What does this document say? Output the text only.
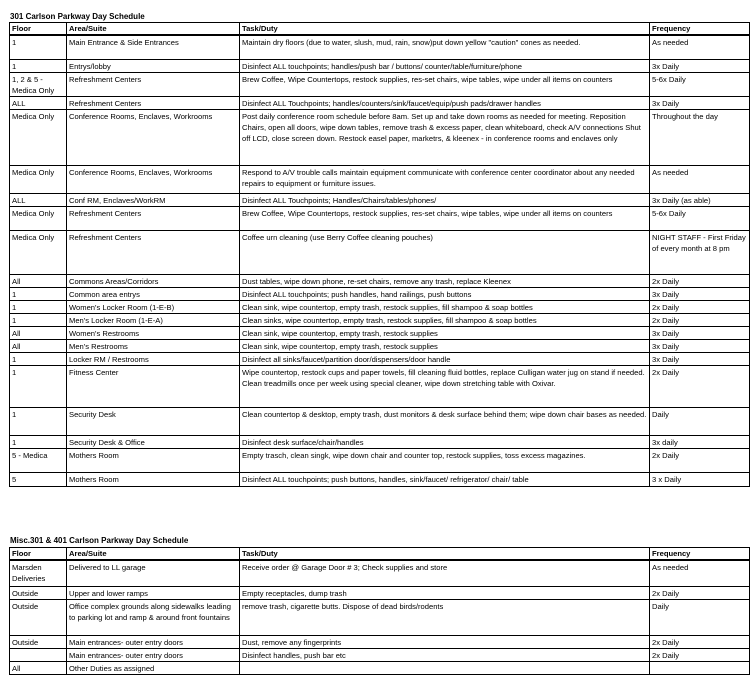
301 Carlson Parkway Day Schedule
Floor	Area/Suite	Task/Duty	Frequency
1	Main Entrance & Side Entrances	Maintain dry floors (due to water, slush, mud, rain, snow)put down yellow "caution" cones as needed.	As needed
1	Entrys/lobby	Disinfect ALL touchpoints; handles/push bar / buttons/ counter/table/furniture/phone	3x Daily
1, 2 & 5 - Medica Only	Refreshment Centers	Brew Coffee, Wipe Countertops, restock supplies, res-set chairs, wipe tables, wipe under all items on counters	5-6x Daily
ALL	Refreshment Centers	Disinfect ALL Touchpoints; handles/counters/sink/faucet/equip/push pads/drawer handles	3x Daily
Medica Only	Conference Rooms, Enclaves, Workrooms	Post daily conference room schedule before 8am. Set up and take down rooms as needed for meeting. Reposition Chairs, open all doors, wipe down tables, remove trash & excess paper, clean whiteboard, check A/V connections Shut off LCD, close screen down. Restock easel paper, marketrs, & kleenex - in conference rooms and enclaves only	Throughout the day
Medica Only	Conference Rooms, Enclaves, Workrooms	Respond to A/V trouble calls maintain equipment communicate with conference center coordinator about any needed repairs to equipment or furniture issues.	As needed
ALL	Conf RM, Enclaves/WorkRM	Disinfect ALL Touchpoints; Handles/Chairs/tables/phones/	3x Daily (as able)
Medica Only	Refreshment Centers	Brew Coffee, Wipe Countertops, restock supplies, res-set chairs, wipe tables, wipe under all items on counters	5-6x Daily
Medica Only	Refreshment Centers	Coffee urn cleaning (use Berry Coffee cleaning pouches)	NIGHT STAFF - First Friday of every month at 8 pm
All	Commons Areas/Corridors	Dust tables, wipe down phone, re-set chairs, remove any trash, replace Kleenex	2x Daily
1	Common area entrys	Disinfect ALL touchpoints; push handles, hand railings, push buttons	3x Daily
1	Women's Locker Room (1-E-B)	Clean sink, wipe countertop, empty trash, restock supplies, fill shampoo & soap bottles	2x Daily
1	Men's Locker Room (1-E-A)	Clean sinks, wipe countertop, empty trash, restock supplies, fill shampoo & soap bottles	2x Daily
All	Women's Restrooms	Clean sink, wipe countertop, empty trash, restock supplies	3x Daily
All	Men's Restrooms	Clean sink, wipe countertop, empty trash, restock supplies	3x Daily
1	Locker RM / Restrooms	Disinfect all sinks/faucet/partition door/dispensers/door handle	3x Daily
1	Fitness Center	Wipe countertop, restock cups and paper towels, fill cleaning fluid bottles, replace Culligan water jug on stand if needed. Clean treadmills once per week using special cleaner, wipe down stretching table with Oxivar.	2x Daily
1	Security Desk	Clean countertop & desktop, empty trash, dust monitors & desk surface behind them; wipe down chair bases as needed.	Daily
1	Security Desk & Office	Disinfect desk surface/chair/handles	3x daily
5 - Medica	Mothers Room	Empty trasch, clean singk, wipe down chair and counter top, restock supplies, toss excess magazines.	2x Daily
5	Mothers Room	Disinfect ALL touchpoints; push buttons, handles, sink/faucet/ refrigerator/ chair/ table	3 x Daily
Misc.301 & 401 Carlson Parkway Day Schedule
Floor	Area/Suite	Task/Duty	Frequency
Marsden Deliveries	Delivered to LL garage	Receive order @ Garage Door # 3; Check supplies and store	As needed
Outside	Upper and lower ramps	Empty receptacles, dump trash	2x Daily
Outside	Office complex grounds along sidewalks leading to parking lot and ramp & around front fountains	remove trash, cigarette butts. Dispose of dead birds/rodents	Daily
Outside	Main entrances- outer entry doors	Dust, remove any fingerprints	2x Daily
	Main entrances- outer entry doors	Disinfect handles, push bar etc	2x Daily
All	Other Duties as assigned		
